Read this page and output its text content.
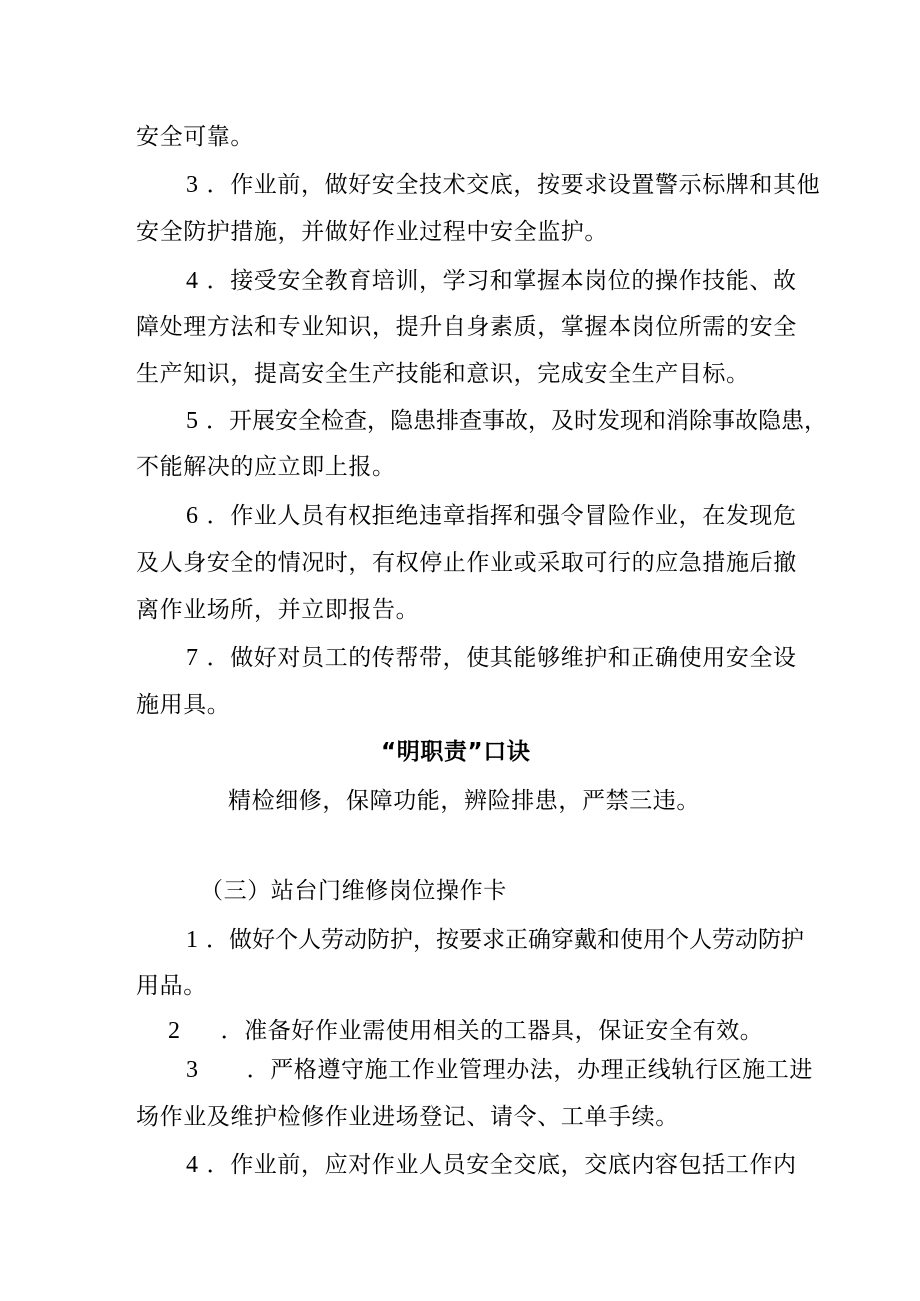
安全可靠。

3 ．作业前，做好安全技术交底，按要求设置警示标牌和其他

安全防护措施，并做好作业过程中安全监护。

4 ．接受安全教育培训，学习和掌握本岗位的操作技能、故

障处理方法和专业知识，提升自身素质，掌握本岗位所需的安全

生产知识，提高安全生产技能和意识，完成安全生产目标。

5 ．开展安全检查，隐患排查事故，及时发现和消除事故隐患，

不能解决的应立即上报。

6 ．作业人员有权拒绝违章指挥和强令冒险作业，在发现危

及人身安全的情况时，有权停止作业或采取可行的应急措施后撤

离作业场所，并立即报告。

7 ．做好对员工的传帮带，使其能够维护和正确使用安全设

施用具。

“明职责”口诀

精检细修，保障功能，辨险排患，严禁三违。

（三）站台门维修岗位操作卡

1 ．做好个人劳动防护，按要求正确穿戴和使用个人劳动防护

用品。

2 ．准备好作业需使用相关的工器具，保证安全有效。

3 ．严格遵守施工作业管理办法，办理正线轨行区施工进

场作业及维护检修作业进场登记、请令、工单手续。

4 ．作业前，应对作业人员安全交底，交底内容包括工作内
